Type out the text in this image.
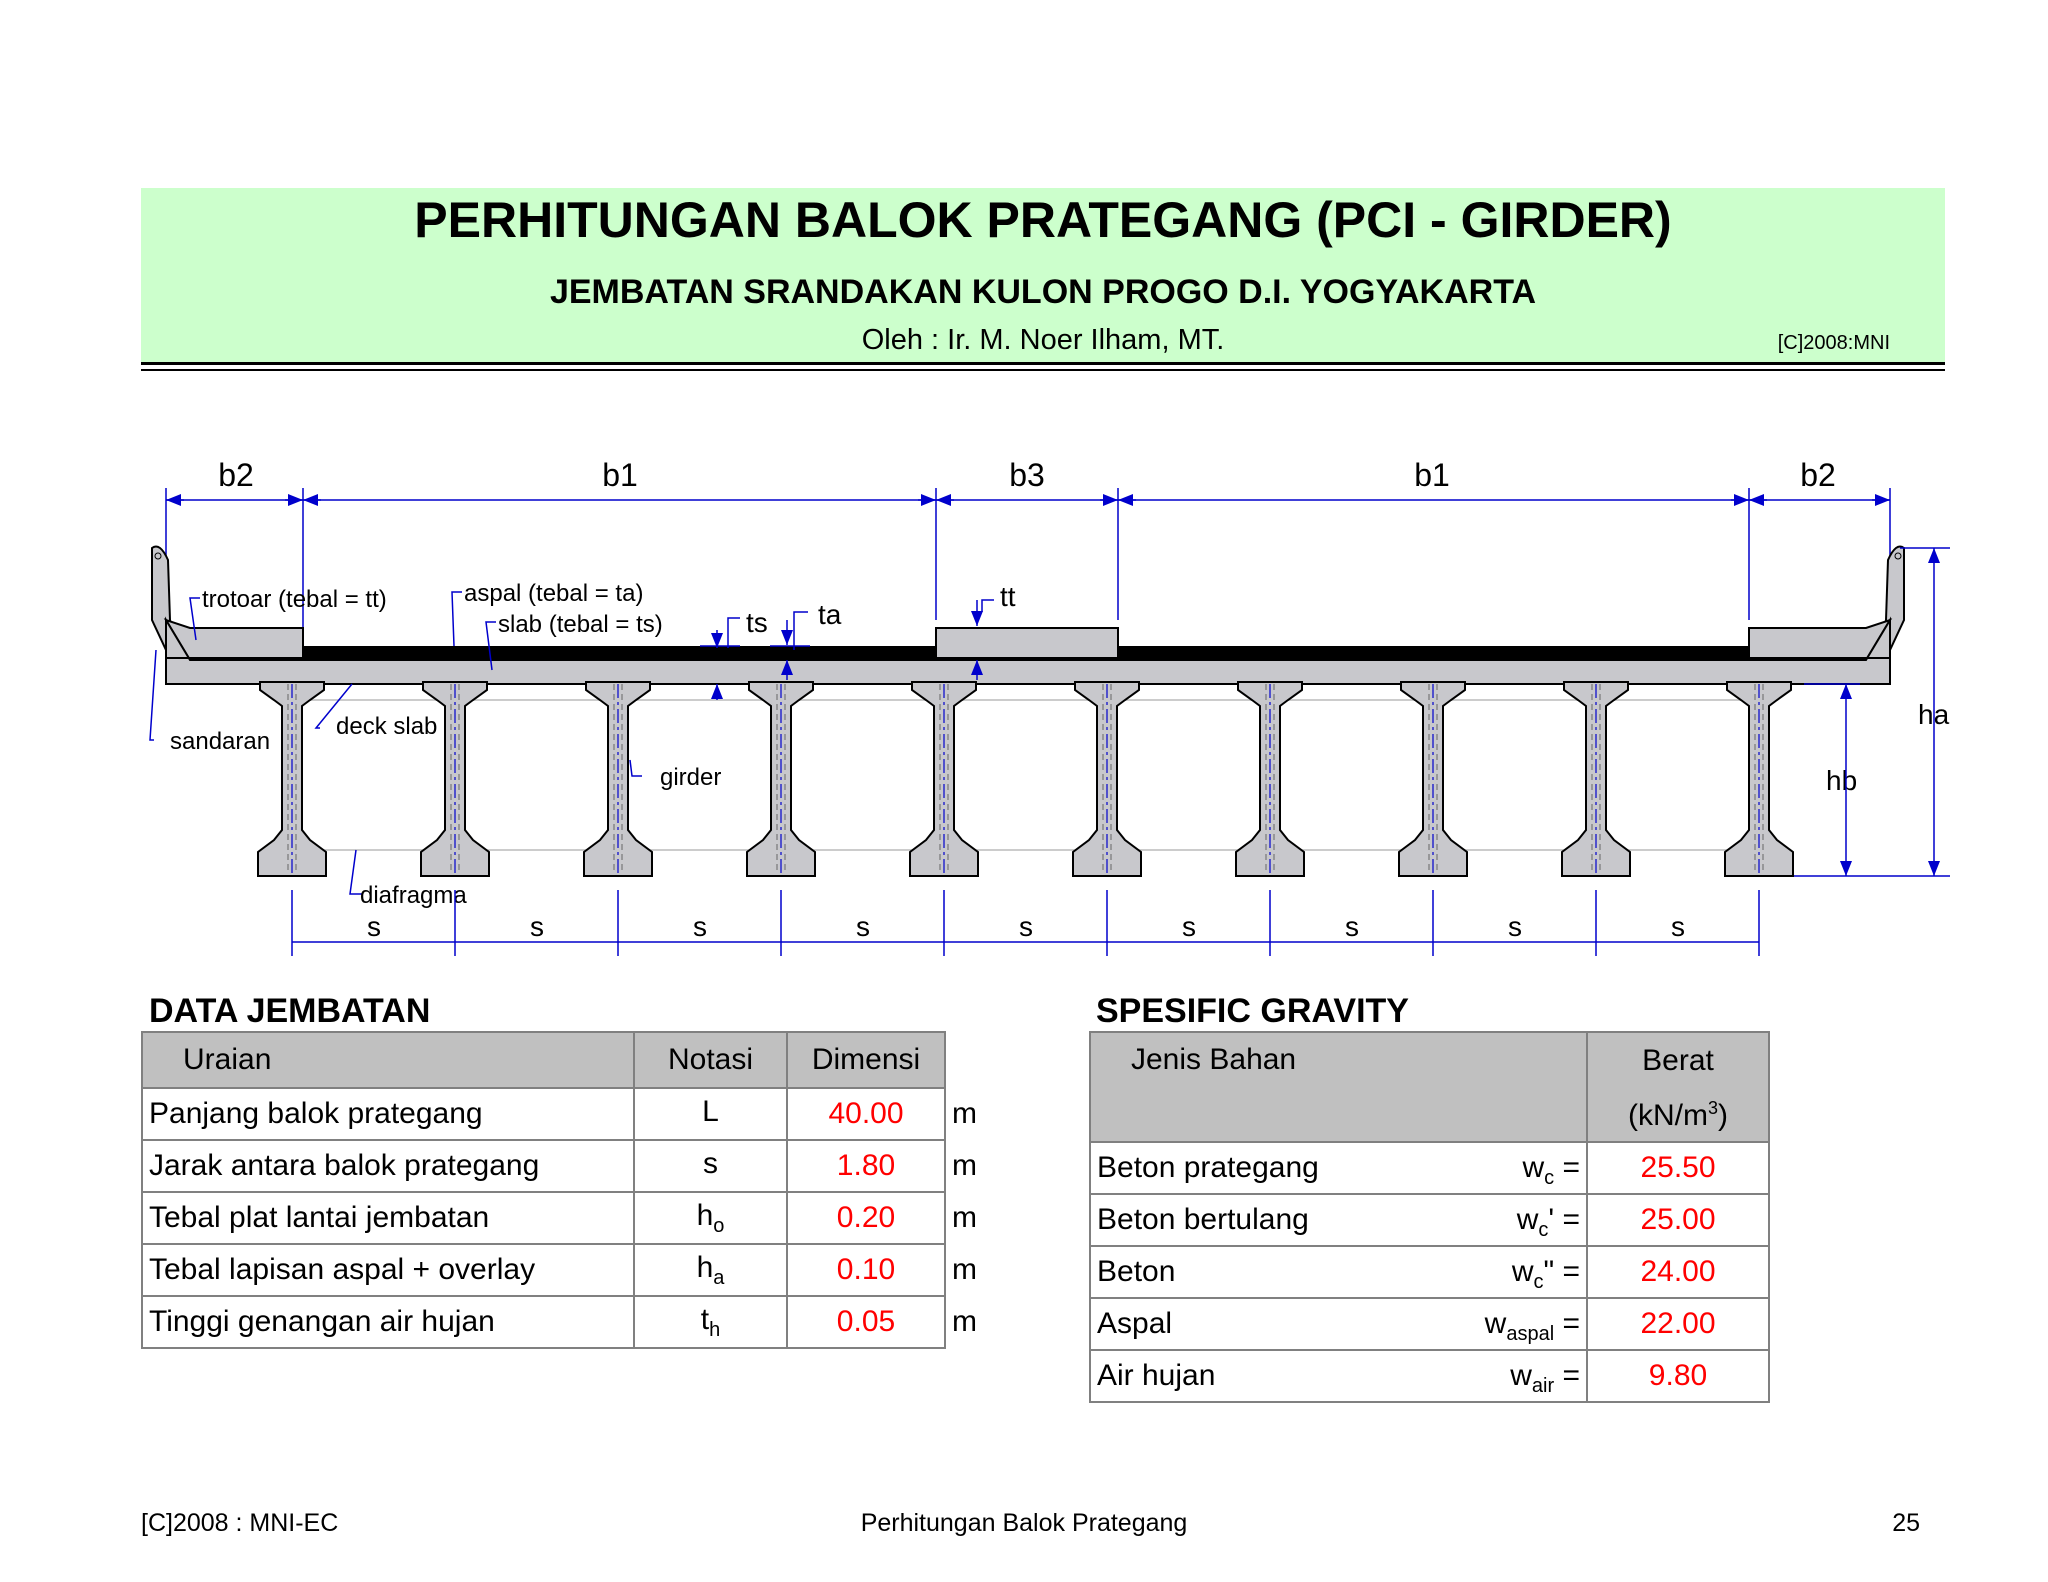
PERHITUNGAN BALOK PRATEGANG (PCI - GIRDER)
JEMBATAN SRANDAKAN KULON PROGO D.I. YOGYAKARTA
Oleh : Ir. M. Noer Ilham, MT.	[C]2008:MNI
b2	b1	b3	b1	b2
trotoar (tebal = tt)	aspal (tebal = ta)
slab (tebal = ts)	ts ta
tt
sandaran
deck slab
girder
diafragma
ha
hb
s	s	s	s	s	s	s	s	s
DATA JEMBATAN
Uraian	Notasi	Dimensi	
Panjang balok prategang	L	40.00	m
Jarak antara balok prategang	s	1.80	m
Tebal plat lantai jembatan	$h_o$	0.20	m
Tebal lapisan aspal + overlay	$h_a$	0.10	m
Tinggi genangan air hujan	$t_h$	0.05	m
SPESIFIC GRAVITY
Jenis Bahan	Berat
	$(kN/m^3)$
Beton prategang $w_c$ =	25.50
Beton bertulang $w_c'$ =	25.00
Beton $w_c$" =	24.00
Aspal $w_{aspal}$ =	22.00
Air hujan $w_{air}$ =	9.80
[C]2008 : MNI-EC	Perhitungan Balok Prategang	25
